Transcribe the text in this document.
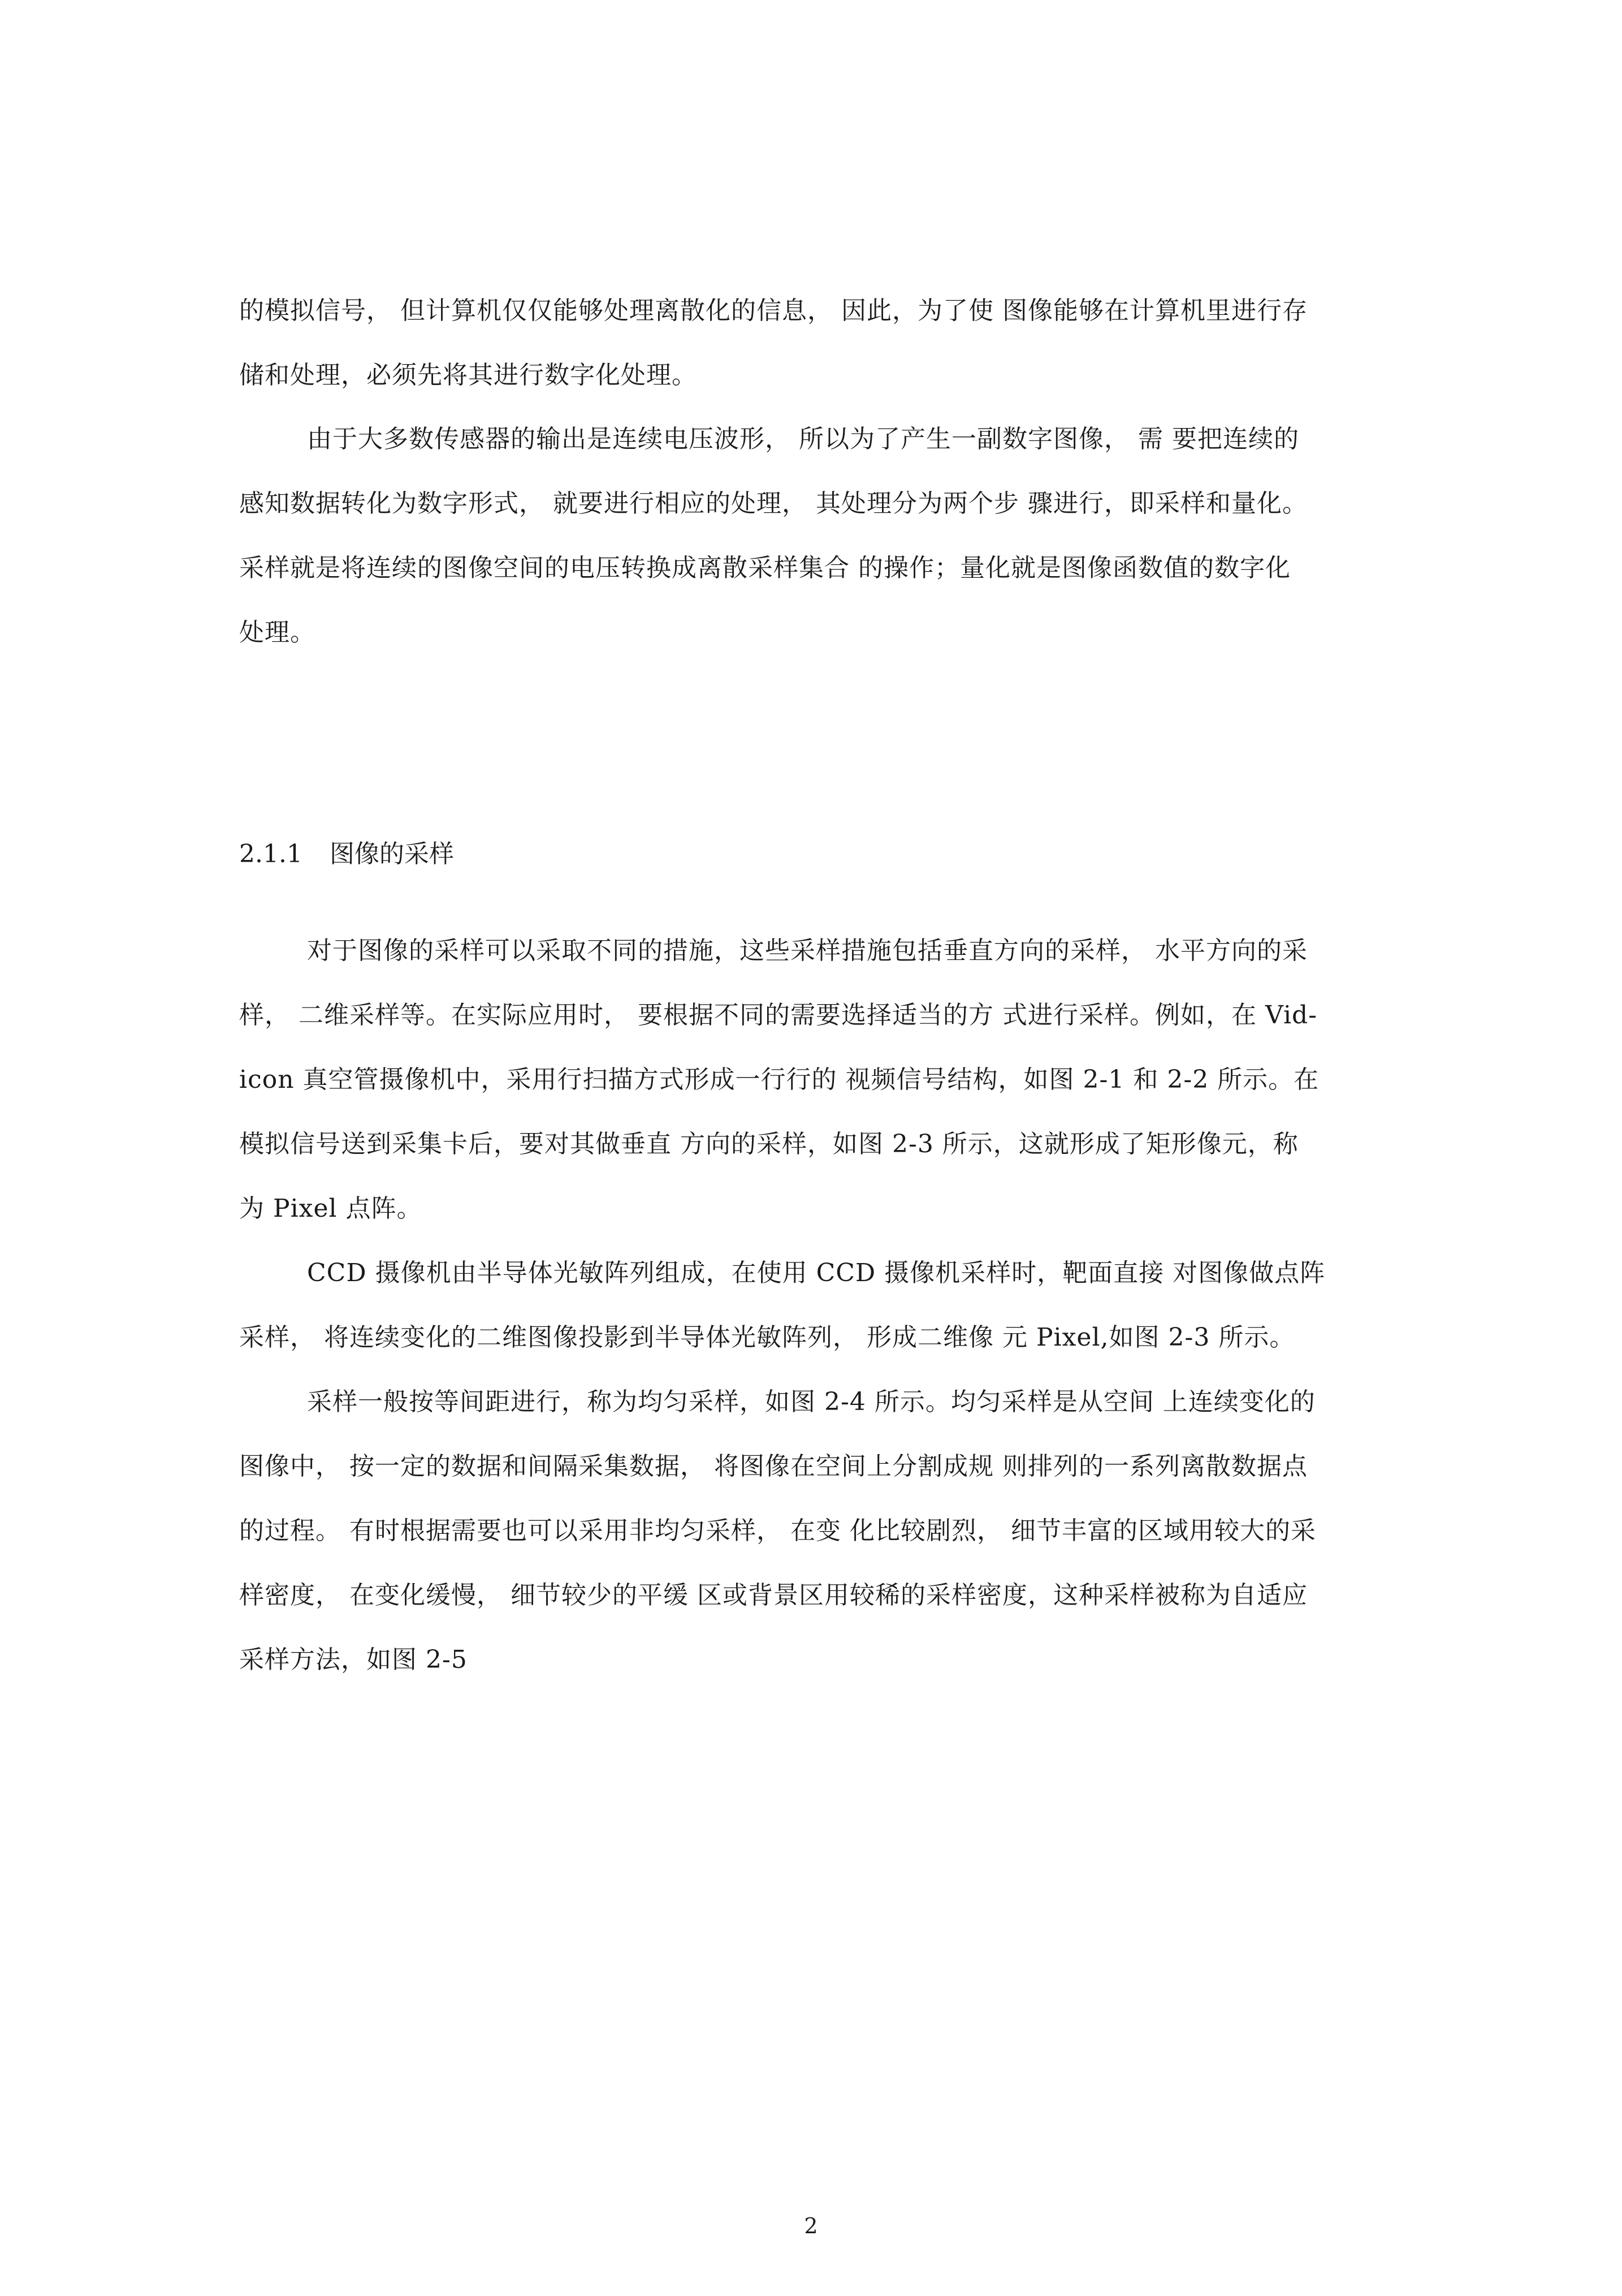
的模拟信号， 但计算机仅仅能够处理离散化的信息， 因此，为了使 图像能够在计算机里进行存
储和处理，必须先将其进行数字化处理。

由于大多数传感器的输出是连续电压波形， 所以为了产生一副数字图像， 需 要把连续的
感知数据转化为数字形式， 就要进行相应的处理， 其处理分为两个步 骤进行，即采样和量化。
采样就是将连续的图像空间的电压转换成离散采样集合 的操作；量化就是图像函数值的数字化
处理。

2.1.1 图像的采样

对于图像的采样可以采取不同的措施，这些采样措施包括垂直方向的采样， 水平方向的采
样， 二维采样等。在实际应用时， 要根据不同的需要选择适当的方 式进行采样。例如，在 Vid-
icon 真空管摄像机中，采用行扫描方式形成一行行的 视频信号结构，如图 2-1 和 2-2 所示。在
模拟信号送到采集卡后，要对其做垂直 方向的采样，如图 2-3 所示，这就形成了矩形像元，称
为 Pixel 点阵。

CCD 摄像机由半导体光敏阵列组成，在使用 CCD 摄像机采样时，靶面直接 对图像做点阵
采样， 将连续变化的二维图像投影到半导体光敏阵列， 形成二维像 元 Pixel,如图 2-3 所示。

采样一般按等间距进行，称为均匀采样，如图 2-4 所示。均匀采样是从空间 上连续变化的
图像中， 按一定的数据和间隔采集数据， 将图像在空间上分割成规 则排列的一系列离散数据点
的过程。 有时根据需要也可以采用非均匀采样， 在变 化比较剧烈， 细节丰富的区域用较大的采
样密度， 在变化缓慢， 细节较少的平缓 区或背景区用较稀的采样密度，这种采样被称为自适应
采样方法，如图 2-5

2
